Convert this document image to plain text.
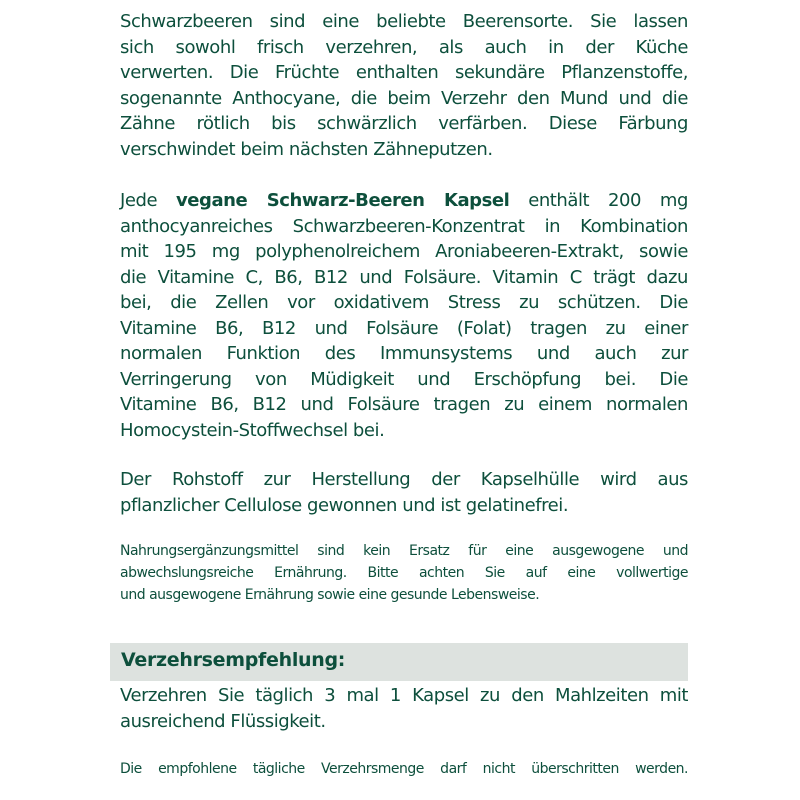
Schwarzbeeren sind eine beliebte Beerensorte. Sie lassen
sich sowohl frisch verzehren, als auch in der Küche
verwerten. Die Früchte enthalten sekundäre Pflanzenstoffe,
sogenannte Anthocyane, die beim Verzehr den Mund und die
Zähne rötlich bis schwärzlich verfärben. Diese Färbung
verschwindet beim nächsten Zähneputzen.
Jede vegane Schwarz-Beeren Kapsel enthält 200 mg
anthocyanreiches Schwarzbeeren-Konzentrat in Kombination
mit 195 mg polyphenolreichem Aroniabeeren-Extrakt, sowie
die Vitamine C, B6, B12 und Folsäure. Vitamin C trägt dazu
bei, die Zellen vor oxidativem Stress zu schützen. Die
Vitamine B6, B12 und Folsäure (Folat) tragen zu einer
normalen Funktion des Immunsystems und auch zur
Verringerung von Müdigkeit und Erschöpfung bei. Die
Vitamine B6, B12 und Folsäure tragen zu einem normalen
Homocystein-Stoffwechsel bei.
Der Rohstoff zur Herstellung der Kapselhülle wird aus
pflanzlicher Cellulose gewonnen und ist gelatinefrei.
Nahrungsergänzungsmittel sind kein Ersatz für eine ausgewogene und
abwechslungsreiche Ernährung. Bitte achten Sie auf eine vollwertige
und ausgewogene Ernährung sowie eine gesunde Lebensweise.
Verzehrsempfehlung:
Verzehren Sie täglich 3 mal 1 Kapsel zu den Mahlzeiten mit
ausreichend Flüssigkeit.
Die empfohlene tägliche Verzehrsmenge darf nicht überschritten werden.
